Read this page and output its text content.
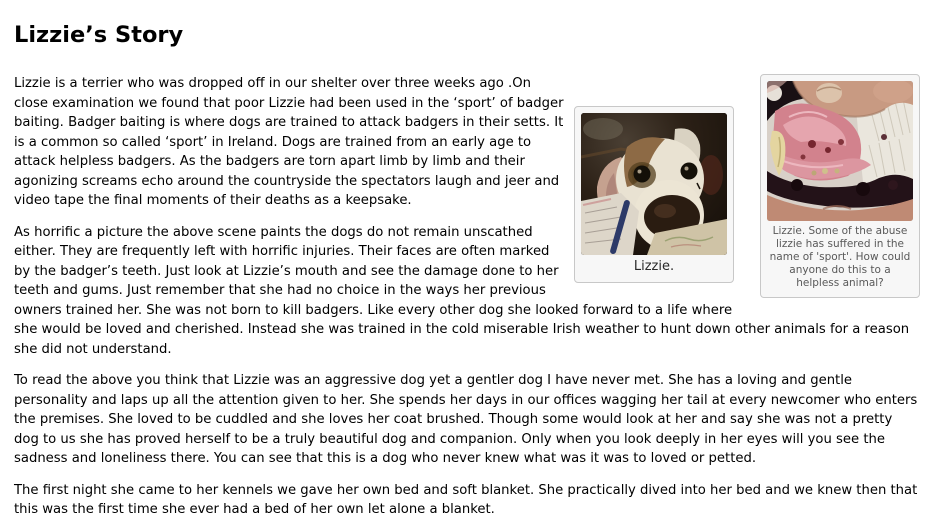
Lizzie’s Story
Lizzie. Some of the abuse lizzie has suffered in the name of 'sport'. How could anyone do this to a helpless animal?
Lizzie.

Lizzie is a terrier who was dropped off in our shelter over three weeks ago .On close examination we found that poor Lizzie had been used in the ‘sport’ of badger baiting. Badger baiting is where dogs are trained to attack badgers in their setts. It is a common so called ‘sport’ in Ireland. Dogs are trained from an early age to attack helpless badgers. As the badgers are torn apart limb by limb and their agonizing screams echo around the countryside the spectators laugh and jeer and video tape the final moments of their deaths as a keepsake.

As horrific a picture the above scene paints the dogs do not remain unscathed either. They are frequently left with horrific injuries. Their faces are often marked by the badger’s teeth. Just look at Lizzie’s mouth and see the damage done to her teeth and gums. Just remember that she had no choice in the ways her previous owners trained her. She was not born to kill badgers. Like every other dog she looked forward to a life where she would be loved and cherished. Instead she was trained in the cold miserable Irish weather to hunt down other animals for a reason she did not understand.

To read the above you think that Lizzie was an aggressive dog yet a gentler dog I have never met. She has a loving and gentle personality and laps up all the attention given to her. She spends her days in our offices wagging her tail at every newcomer who enters the premises. She loved to be cuddled and she loves her coat brushed. Though some would look at her and say she was not a pretty dog to us she has proved herself to be a truly beautiful dog and companion. Only when you look deeply in her eyes will you see the sadness and loneliness there. You can see that this is a dog who never knew what was it was to loved or petted.

The first night she came to her kennels we gave her own bed and soft blanket. She practically dived into her bed and we knew then that this was the first time she ever had a bed of her own let alone a blanket.
